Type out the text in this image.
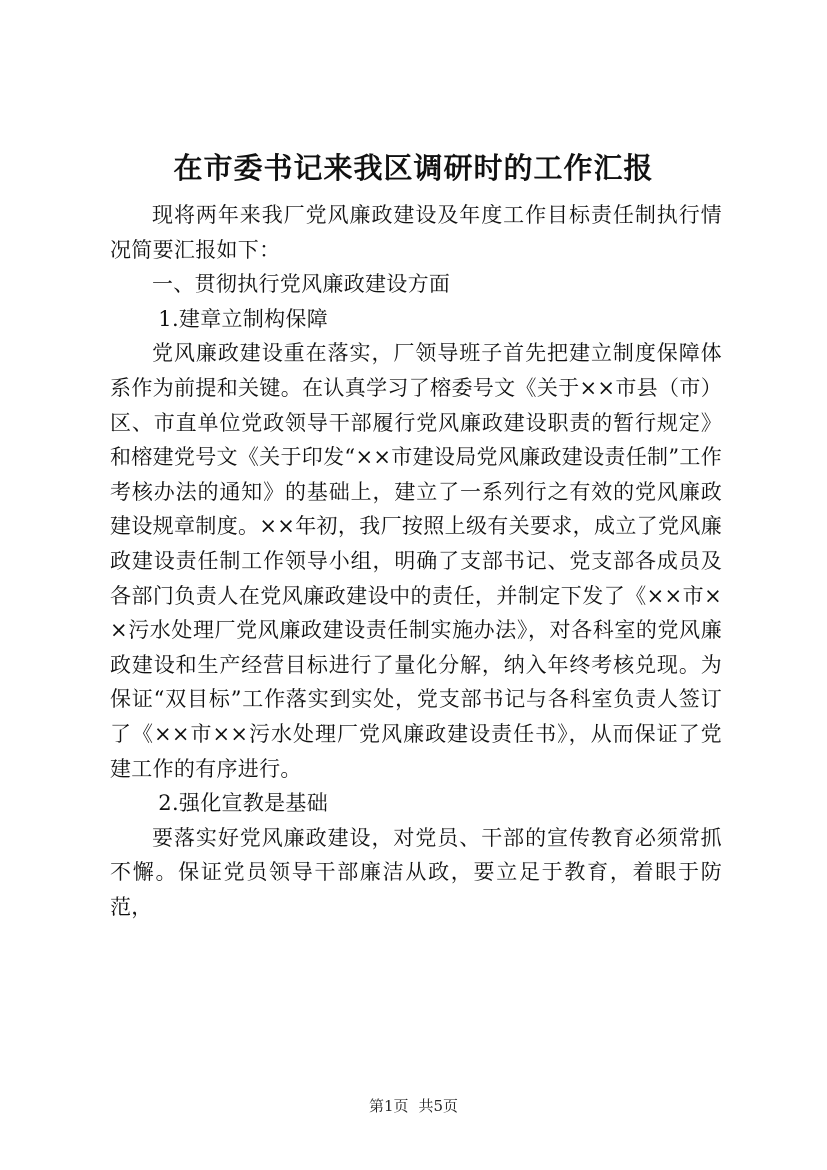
在市委书记来我区调研时的工作汇报

现将两年来我厂党风廉政建设及年度工作目标责任制执行情况简要汇报如下：

一、贯彻执行党风廉政建设方面

1.建章立制构保障

党风廉政建设重在落实，厂领导班子首先把建立制度保障体系作为前提和关键。在认真学习了榕委号文《关于××市县（市）区、市直单位党政领导干部履行党风廉政建设职责的暂行规定》和榕建党号文《关于印发“××市建设局党风廉政建设责任制”工作考核办法的通知》的基础上，建立了一系列行之有效的党风廉政建设规章制度。××年初，我厂按照上级有关要求，成立了党风廉政建设责任制工作领导小组，明确了支部书记、党支部各成员及各部门负责人在党风廉政建设中的责任，并制定下发了《××市××污水处理厂党风廉政建设责任制实施办法》，对各科室的党风廉政建设和生产经营目标进行了量化分解，纳入年终考核兑现。为保证“双目标”工作落实到实处，党支部书记与各科室负责人签订了《××市××污水处理厂党风廉政建设责任书》，从而保证了党建工作的有序进行。

2.强化宣教是基础

要落实好党风廉政建设，对党员、干部的宣传教育必须常抓不懈。保证党员领导干部廉洁从政，要立足于教育，着眼于防范，

第1页 共5页
